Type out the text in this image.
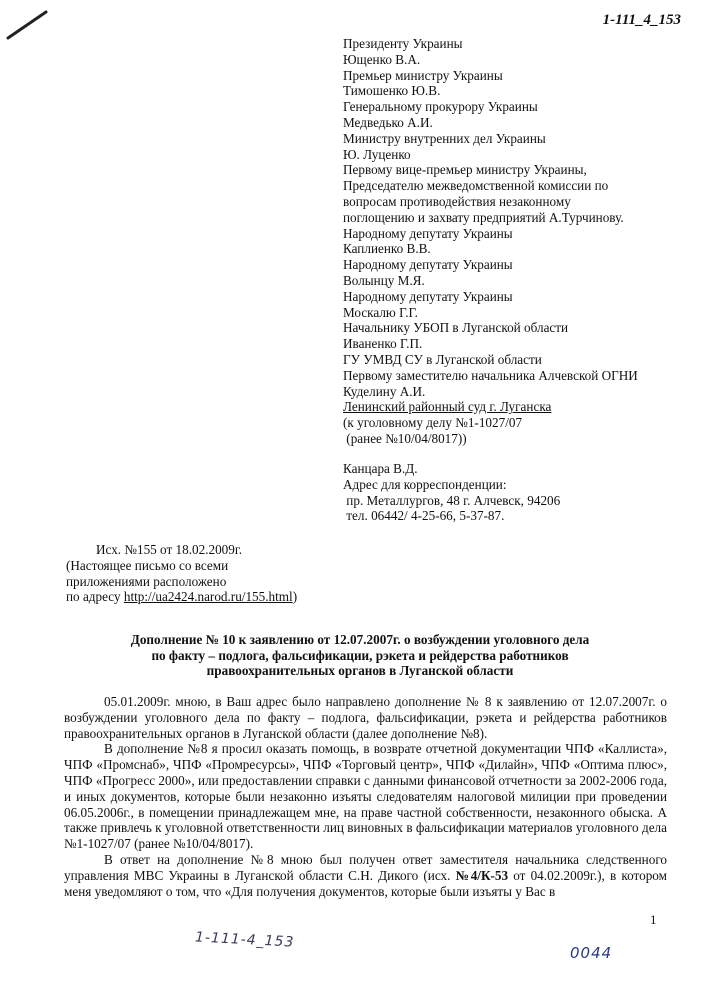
1-111_4_153
Президенту Украины
Ющенко В.А.
Премьер министру Украины
Тимошенко Ю.В.
Генеральному прокурору Украины
Медведько А.И.
Министру внутренних дел Украины
Ю. Луценко
Первому вице-премьер министру Украины,
Председателю межведомственной комиссии по
вопросам противодействия незаконному
поглощению и захвату предприятий А.Турчинову.
Народному депутату Украины
Каплиенко В.В.
Народному депутату Украины
Волынцу М.Я.
Народному депутату Украины
Москалю Г.Г.
Начальнику УБОП в Луганской области
Иваненко Г.П.
ГУ УМВД СУ в Луганской области
Первому заместителю начальника Алчевской ОГНИ
Куделину А.И.
Ленинский районный суд г. Луганска
(к уголовному делу №1-1027/07
(ранее №10/04/8017))
Канцара В.Д.
Адрес для корреспонденции:
пр. Металлургов, 48 г. Алчевск, 94206
тел. 06442/ 4-25-66, 5-37-87.
Исх. №155 от 18.02.2009г.
(Настоящее письмо со всеми
приложениями расположено
по адресу http://ua2424.narod.ru/155.html)
Дополнение № 10 к заявлению от 12.07.2007г. о возбуждении уголовного дела
по факту – подлога, фальсификации, рэкета и рейдерства работников
правоохранительных органов в Луганской области

05.01.2009г. мною, в Ваш адрес было направлено дополнение № 8 к заявлению от 12.07.2007г. о возбуждении уголовного дела по факту – подлога, фальсификации, рэкета и рейдерства работников правоохранительных органов в Луганской области (далее дополнение №8).

В дополнение №8 я просил оказать помощь, в возврате отчетной документации ЧПФ «Каллиста», ЧПФ «Промснаб», ЧПФ «Промресурсы», ЧПФ «Торговый центр», ЧПФ «Дилайн», ЧПФ «Оптима плюс», ЧПФ «Прогресс 2000», или предоставлении справки с данными финансовой отчетности за 2002-2006 года, и иных документов, которые были незаконно изъяты следователям налоговой милиции при проведении 06.05.2006г., в помещении принадлежащем мне, на праве частной собственности, незаконного обыска. А также привлечь к уголовной ответственности лиц виновных в фальсификации материалов уголовного дела №1-1027/07 (ранее №10/04/8017).

В ответ на дополнение №8 мною был получен ответ заместителя начальника следственного управления МВС Украины в Луганской области С.Н. Дикого (исх. №4/К-53 от 04.02.2009г.), в котором меня уведомляют о том, что «Для получения документов, которые были изъяты у Вас в

1
1-111-4_153
0044
